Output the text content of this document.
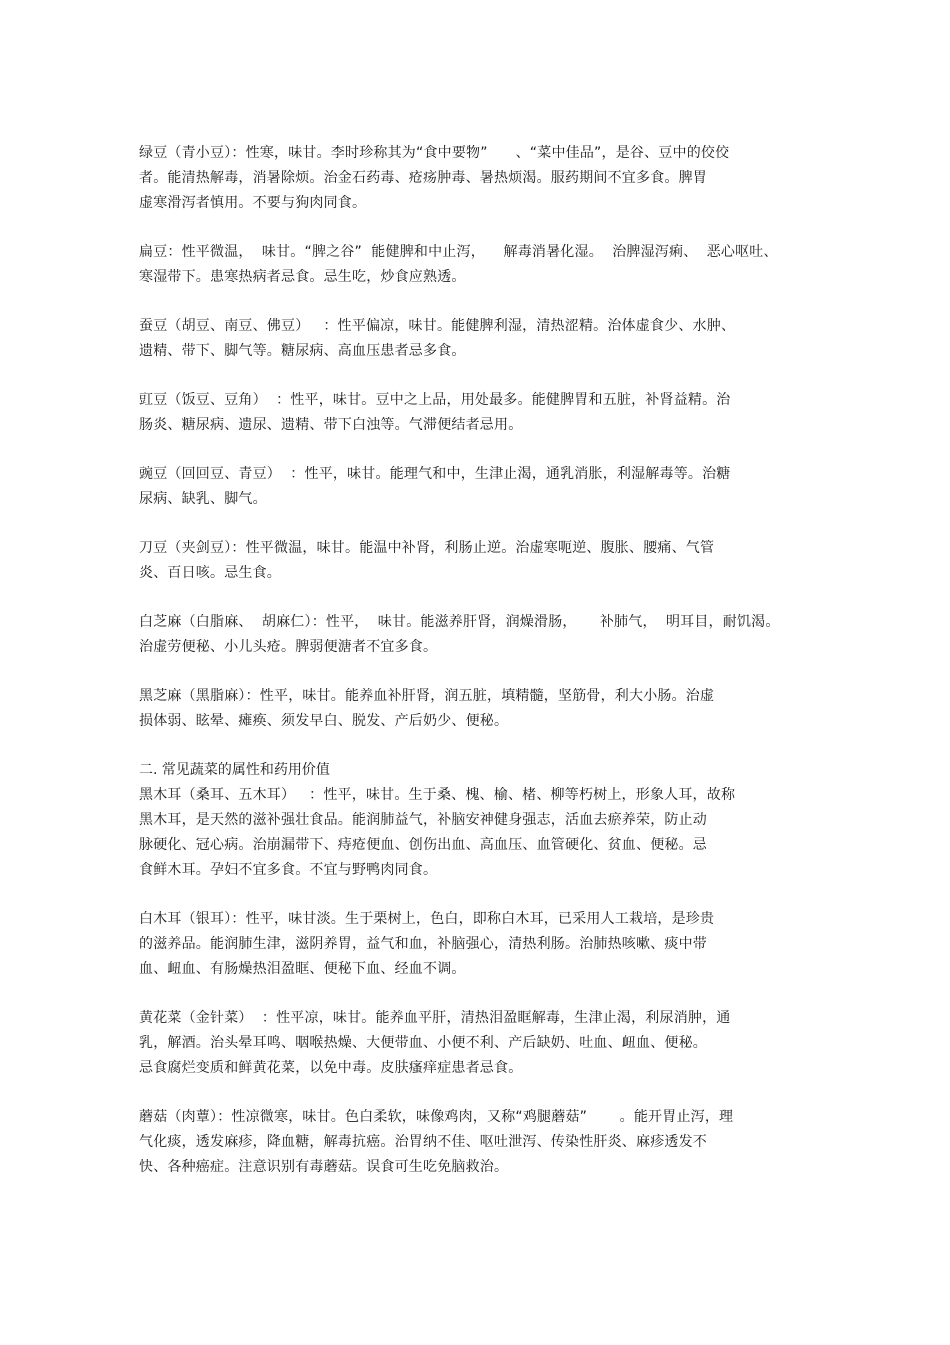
绿豆（青小豆）：性寒，味甘。李时珍称其为“食中要物”      、“菜中佳品”，是谷、豆中的佼佼
者。能清热解毒，消暑除烦。治金石药毒、疮疡肿毒、暑热烦渴。服药期间不宜多食。脾胃
虚寒滑泻者慎用。不要与狗肉同食。
扁豆：性平微温，  味甘。“脾之谷”  能健脾和中止泻，    解毒消暑化湿。  治脾湿泻痢、  恶心呕吐、
寒湿带下。患寒热病者忌食。忌生吃，炒食应熟透。
蚕豆（胡豆、南豆、佛豆）   ：性平偏凉，味甘。能健脾利湿，清热涩精。治体虚食少、水肿、
遗精、带下、脚气等。糖尿病、高血压患者忌多食。
豇豆（饭豆、豆角）  ：性平，味甘。豆中之上品，用处最多。能健脾胃和五脏，补肾益精。治
肠炎、糖尿病、遗尿、遗精、带下白浊等。气滞便结者忌用。
豌豆（回回豆、青豆）  ：性平，味甘。能理气和中，生津止渴，通乳消胀，利湿解毒等。治糖
尿病、缺乳、脚气。
刀豆（夹剑豆）：性平微温，味甘。能温中补肾，利肠止逆。治虚寒呃逆、腹胀、腰痛、气管
炎、百日咳。忌生食。
白芝麻（白脂麻、  胡麻仁）：性平，  味甘。能滋养肝肾，润燥滑肠，     补肺气，  明耳目，耐饥渴。
治虚劳便秘、小儿头疮。脾弱便溏者不宜多食。
黑芝麻（黑脂麻）：性平，味甘。能养血补肝肾，润五脏，填精髓，坚筋骨，利大小肠。治虚
损体弱、眩晕、瘫痪、须发早白、脱发、产后奶少、便秘。
二. 常见蔬菜的属性和药用价值
黑木耳（桑耳、五木耳）   ：性平，味甘。生于桑、槐、榆、楮、柳等朽树上，形象人耳，故称
黑木耳，是天然的滋补强壮食品。能润肺益气，补脑安神健身强志，活血去瘀养荣，防止动
脉硬化、冠心病。治崩漏带下、痔疮便血、创伤出血、高血压、血管硬化、贫血、便秘。忌
食鲜木耳。孕妇不宜多食。不宜与野鸭肉同食。
白木耳（银耳）：性平，味甘淡。生于栗树上，色白，即称白木耳，已采用人工栽培，是珍贵
的滋养品。能润肺生津，滋阴养胃，益气和血，补脑强心，清热利肠。治肺热咳嗽、痰中带
血、衄血、有肠燥热泪盈眶、便秘下血、经血不调。
黄花菜（金针菜）  ：性平凉，味甘。能养血平肝，清热泪盈眶解毒，生津止渴，利尿消肿，通
乳，解酒。治头晕耳鸣、咽喉热燥、大便带血、小便不利、产后缺奶、吐血、衄血、便秘。
忌食腐烂变质和鲜黄花菜，以免中毒。皮肤瘙痒症患者忌食。
蘑菇（肉蕈）：性凉微寒，味甘。色白柔软，味像鸡肉，又称“鸡腿蘑菇”       。能开胃止泻，理
气化痰，透发麻疹，降血糖，解毒抗癌。治胃纳不佳、呕吐泄泻、传染性肝炎、麻疹透发不
快、各种癌症。注意识别有毒蘑菇。误食可生吃免脑救治。
